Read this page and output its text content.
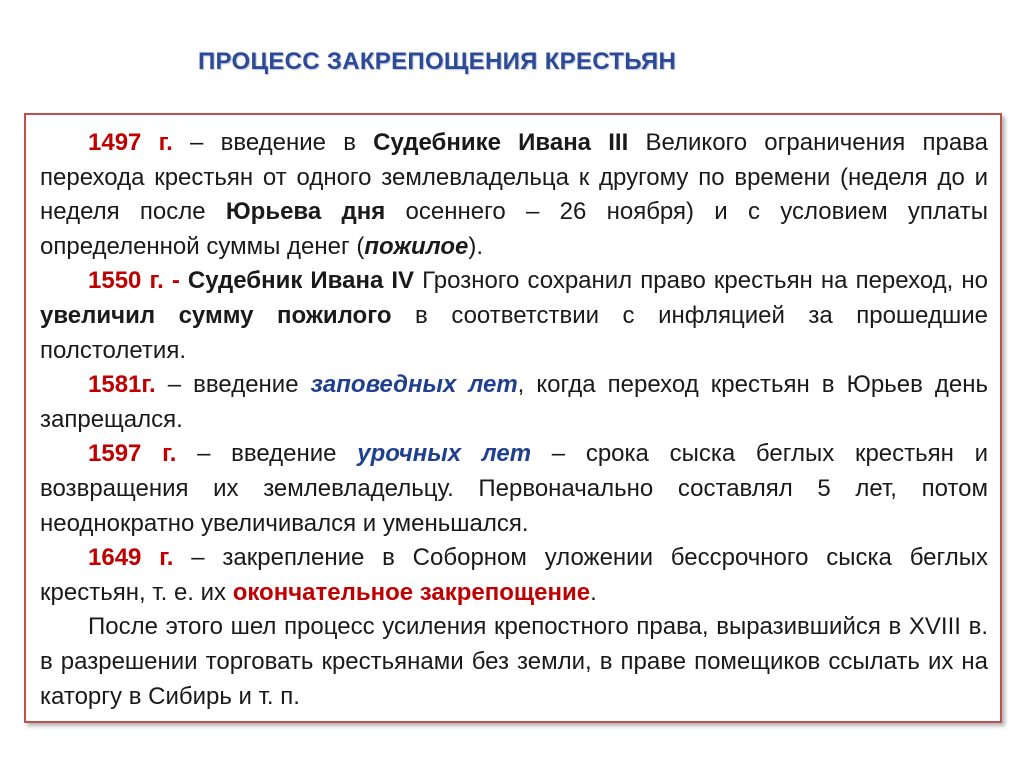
ПРОЦЕСС ЗАКРЕПОЩЕНИЯ КРЕСТЬЯН

1497 г. – введение в Судебнике Ивана III Великого ограничения права перехода крестьян от одного землевладельца к другому по времени (неделя до и неделя после Юрьева дня осеннего – 26 ноября) и с условием уплаты определенной суммы денег (пожилое).

1550 г. - Судебник Ивана IV Грозного сохранил право крестьян на переход, но увеличил сумму пожилого в соответствии с инфляцией за прошедшие полстолетия.

1581г. – введение заповедных лет, когда переход крестьян в Юрьев день запрещался.

1597 г. – введение урочных лет – срока сыска беглых крестьян и возвращения их землевладельцу. Первоначально составлял 5 лет, потом неоднократно увеличивался и уменьшался.

1649 г. – закрепление в Соборном уложении бессрочного сыска беглых крестьян, т. е. их окончательное закрепощение.

После этого шел процесс усиления крепостного права, выразившийся в XVIII в. в разрешении торговать крестьянами без земли, в праве помещиков ссылать их на каторгу в Сибирь и т. п.
